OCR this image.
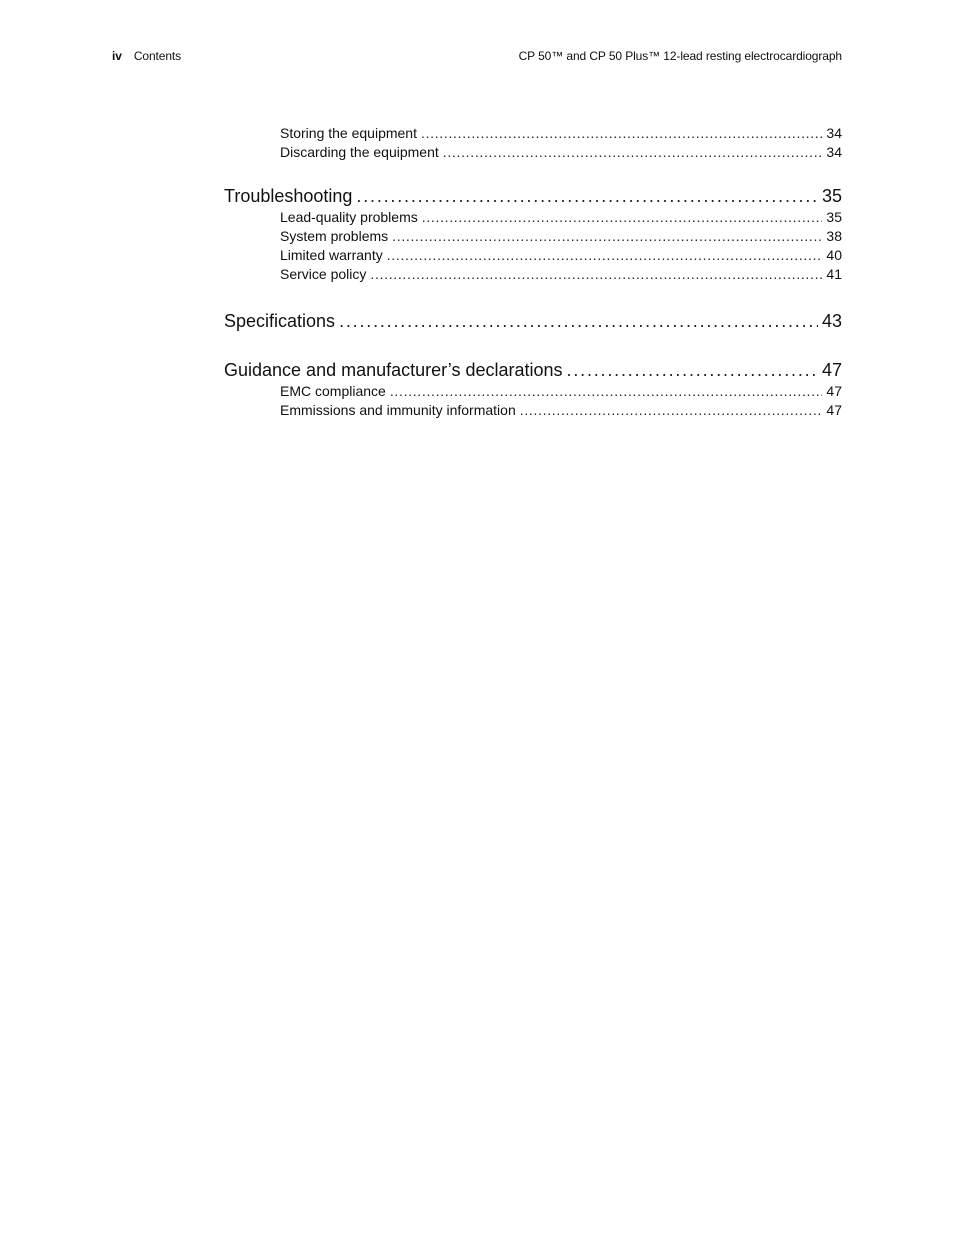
iv Contents	CP 50™ and CP 50 Plus™ 12-lead resting electrocardiograph
Storing the equipment . . .	34
Discarding the equipment . . .	34
Troubleshooting . . .	35
Lead-quality problems . . .	35
System problems . . .	38
Limited warranty . . .	40
Service policy . . .	41
Specifications . . .	43
Guidance and manufacturer’s declarations . . .	47
EMC compliance . . .	47
Emmissions and immunity information . . .	47
